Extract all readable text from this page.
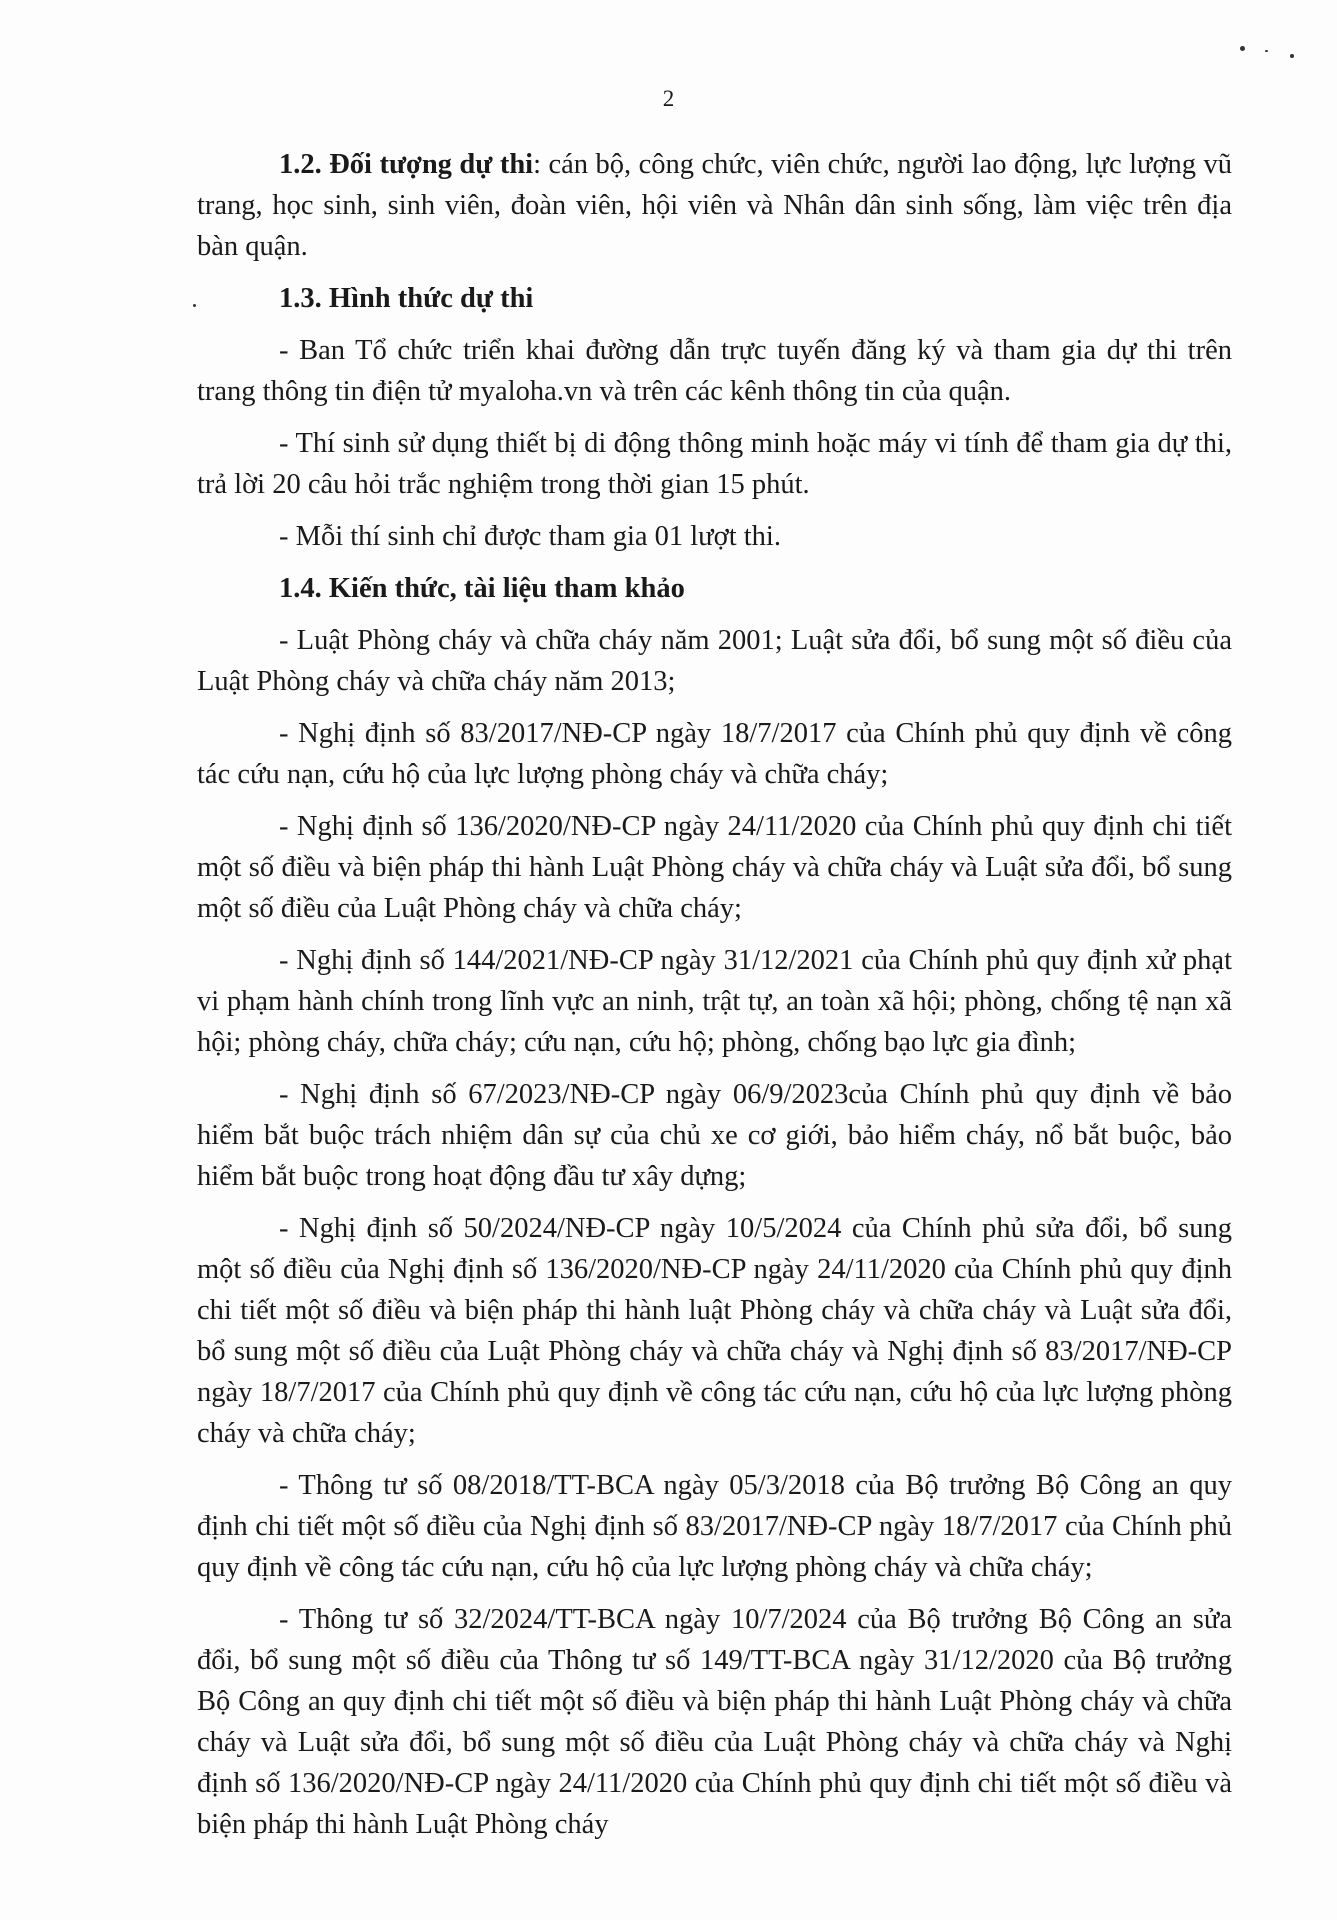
2

1.2. Đối tượng dự thi: cán bộ, công chức, viên chức, người lao động, lực lượng vũ trang, học sinh, sinh viên, đoàn viên, hội viên và Nhân dân sinh sống, làm việc trên địa bàn quận.

1.3. Hình thức dự thi

- Ban Tổ chức triển khai đường dẫn trực tuyến đăng ký và tham gia dự thi trên trang thông tin điện tử myaloha.vn và trên các kênh thông tin của quận.

- Thí sinh sử dụng thiết bị di động thông minh hoặc máy vi tính để tham gia dự thi, trả lời 20 câu hỏi trắc nghiệm trong thời gian 15 phút.

- Mỗi thí sinh chỉ được tham gia 01 lượt thi.

1.4. Kiến thức, tài liệu tham khảo

- Luật Phòng cháy và chữa cháy năm 2001; Luật sửa đổi, bổ sung một số điều của Luật Phòng cháy và chữa cháy năm 2013;

- Nghị định số 83/2017/NĐ-CP ngày 18/7/2017 của Chính phủ quy định về công tác cứu nạn, cứu hộ của lực lượng phòng cháy và chữa cháy;

- Nghị định số 136/2020/NĐ-CP ngày 24/11/2020 của Chính phủ quy định chi tiết một số điều và biện pháp thi hành Luật Phòng cháy và chữa cháy và Luật sửa đổi, bổ sung một số điều của Luật Phòng cháy và chữa cháy;

- Nghị định số 144/2021/NĐ-CP ngày 31/12/2021 của Chính phủ quy định xử phạt vi phạm hành chính trong lĩnh vực an ninh, trật tự, an toàn xã hội; phòng, chống tệ nạn xã hội; phòng cháy, chữa cháy; cứu nạn, cứu hộ; phòng, chống bạo lực gia đình;

- Nghị định số 67/2023/NĐ-CP ngày 06/9/2023của Chính phủ quy định về bảo hiểm bắt buộc trách nhiệm dân sự của chủ xe cơ giới, bảo hiểm cháy, nổ bắt buộc, bảo hiểm bắt buộc trong hoạt động đầu tư xây dựng;

- Nghị định số 50/2024/NĐ-CP ngày 10/5/2024 của Chính phủ sửa đổi, bổ sung một số điều của Nghị định số 136/2020/NĐ-CP ngày 24/11/2020 của Chính phủ quy định chi tiết một số điều và biện pháp thi hành luật Phòng cháy và chữa cháy và Luật sửa đổi, bổ sung một số điều của Luật Phòng cháy và chữa cháy và Nghị định số 83/2017/NĐ-CP ngày 18/7/2017 của Chính phủ quy định về công tác cứu nạn, cứu hộ của lực lượng phòng cháy và chữa cháy;

- Thông tư số 08/2018/TT-BCA ngày 05/3/2018 của Bộ trưởng Bộ Công an quy định chi tiết một số điều của Nghị định số 83/2017/NĐ-CP ngày 18/7/2017 của Chính phủ quy định về công tác cứu nạn, cứu hộ của lực lượng phòng cháy và chữa cháy;

- Thông tư số 32/2024/TT-BCA ngày 10/7/2024 của Bộ trưởng Bộ Công an sửa đổi, bổ sung một số điều của Thông tư số 149/TT-BCA ngày 31/12/2020 của Bộ trưởng Bộ Công an quy định chi tiết một số điều và biện pháp thi hành Luật Phòng cháy và chữa cháy và Luật sửa đổi, bổ sung một số điều của Luật Phòng cháy và chữa cháy và Nghị định số 136/2020/NĐ-CP ngày 24/11/2020 của Chính phủ quy định chi tiết một số điều và biện pháp thi hành Luật Phòng cháy
